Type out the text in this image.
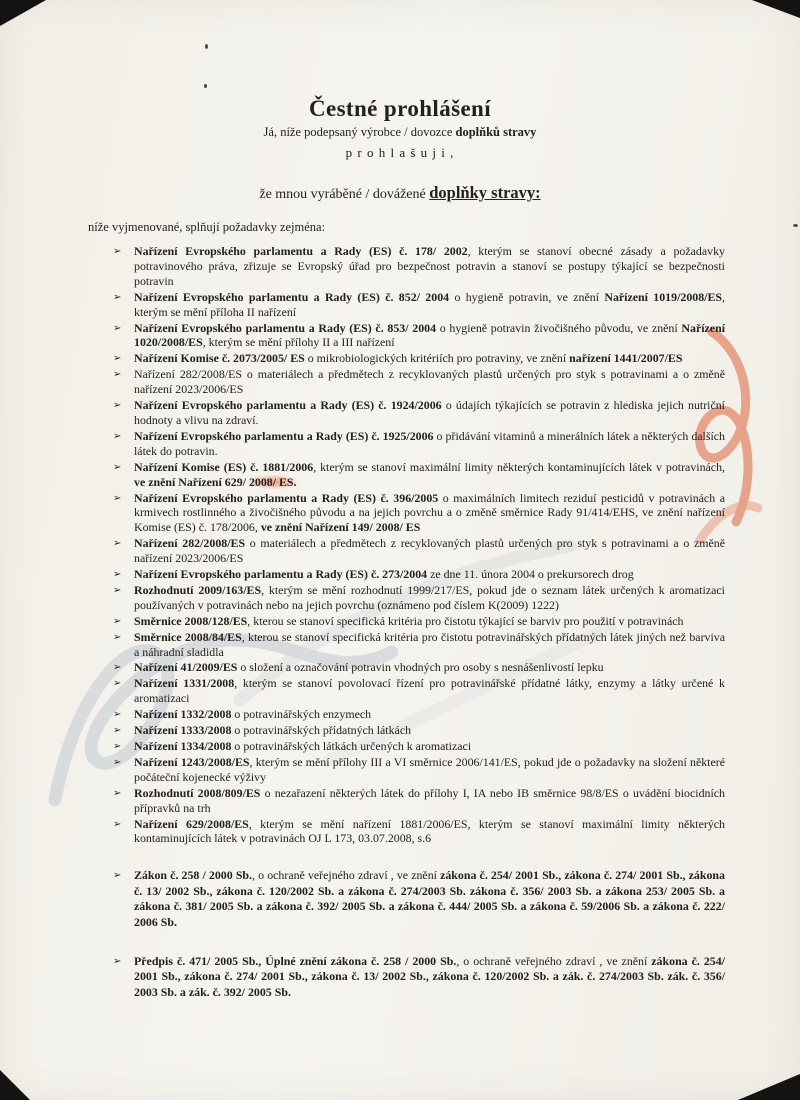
Čestné prohlášení
Já, níže podepsaný výrobce / dovozce doplňků stravy
p r o h l a š u j i ,
že mnou vyráběné / dovážené doplňky stravy:
níže vyjmenované, splňují požadavky zejména:
➢	Nařízení Evropského parlamentu a Rady (ES) č. 178/ 2002, kterým se stanoví obecné zásady a požadavky potravinového práva, zřizuje se Evropský úřad pro bezpečnost potravin a stanoví se postupy týkající se bezpečnosti potravin
➢	Nařízení Evropského parlamentu a Rady (ES) č. 852/ 2004 o hygieně potravin, ve znění Nařízení 1019/2008/ES, kterým se mění příloha II nařízení
➢	Nařízení Evropského parlamentu a Rady (ES) č. 853/ 2004 o hygieně potravin živočišného původu, ve znění Nařízení 1020/2008/ES, kterým se mění přílohy II a III nařízení
➢	Nařízení Komise č. 2073/2005/ ES o mikrobiologických kritériích pro potraviny, ve znění nařízení 1441/2007/ES
➢	Nařízení 282/2008/ES o materiálech a předmětech z recyklovaných plastů určených pro styk s potravinami a o změně nařízení 2023/2006/ES
➢	Nařízení Evropského parlamentu a Rady (ES) č. 1924/2006 o údajích týkajících se potravin z hlediska jejich nutriční hodnoty a vlivu na zdraví.
➢	Nařízení Evropského parlamentu a Rady (ES) č. 1925/2006 o přidávání vitaminů a minerálních látek a některých dalších látek do potravin.
➢	Nařízení Komise (ES) č. 1881/2006, kterým se stanoví maximální limity některých kontaminujících látek v potravinách, ve znění Nařízení 629/ 2008/ ES.
➢	Nařízení Evropského parlamentu a Rady (ES) č. 396/2005 o maximálních limitech reziduí pesticidů v potravinách a krmivech rostlinného a živočišného původu a na jejich povrchu a o změně směrnice Rady 91/414/EHS, ve znění nařízení Komise (ES) č. 178/2006, ve znění Nařízení 149/ 2008/ ES
➢	Nařízení 282/2008/ES o materiálech a předmětech z recyklovaných plastů určených pro styk s potravinami a o změně nařízení 2023/2006/ES
➢	Nařízení Evropského parlamentu a Rady (ES) č. 273/2004 ze dne 11. února 2004 o prekursorech drog
➢	Rozhodnutí 2009/163/ES, kterým se mění rozhodnutí 1999/217/ES, pokud jde o seznam látek určených k aromatizaci používaných v potravinách nebo na jejich povrchu (oznámeno pod číslem K(2009) 1222)
➢	Směrnice 2008/128/ES, kterou se stanoví specifická kritéria pro čistotu týkající se barviv pro použití v potravinách
➢	Směrnice 2008/84/ES, kterou se stanoví specifická kritéria pro čistotu potravinářských přídatných látek jiných než barviva a náhradní sladidla
➢	Nařízení 41/2009/ES o složení a označování potravin vhodných pro osoby s nesnášenlivostí lepku
➢	Nařízení 1331/2008, kterým se stanoví povolovací řízení pro potravinářské přídatné látky, enzymy a látky určené k aromatizaci
➢	Nařízení 1332/2008 o potravinářských enzymech
➢	Nařízení 1333/2008 o potravinářských přídatných látkách
➢	Nařízení 1334/2008 o potravinářských látkách určených k aromatizaci
➢	Nařízení 1243/2008/ES, kterým se mění přílohy III a VI směrnice 2006/141/ES, pokud jde o požadavky na složení některé počáteční kojenecké výživy
➢	Rozhodnutí 2008/809/ES o nezařazení některých látek do přílohy I, IA nebo IB směrnice 98/8/ES o uvádění biocidních přípravků na trh
➢	Nařízení 629/2008/ES, kterým se mění nařízení 1881/2006/ES, kterým se stanoví maximální limity některých kontaminujících látek v potravinách OJ L 173, 03.07.2008, s.6
➢	Zákon č. 258 / 2000 Sb., o ochraně veřejného zdraví , ve znění zákona č. 254/ 2001 Sb., zákona č. 274/ 2001 Sb., zákona č. 13/ 2002 Sb., zákona č. 120/2002 Sb. a zákona č. 274/2003 Sb. zákona č. 356/ 2003 Sb. a zákona 253/ 2005 Sb. a zákona č. 381/ 2005 Sb. a zákona č. 392/ 2005 Sb. a zákona č. 444/ 2005 Sb. a zákona č. 59/2006 Sb. a zákona č. 222/ 2006 Sb.
➢	Předpis č. 471/ 2005 Sb., Úplné znění zákona č. 258 / 2000 Sb., o ochraně veřejného zdraví , ve znění zákona č. 254/ 2001 Sb., zákona č. 274/ 2001 Sb., zákona č. 13/ 2002 Sb., zákona č. 120/2002 Sb. a zák. č. 274/2003 Sb. zák. č. 356/ 2003 Sb. a zák. č. 392/ 2005 Sb.
